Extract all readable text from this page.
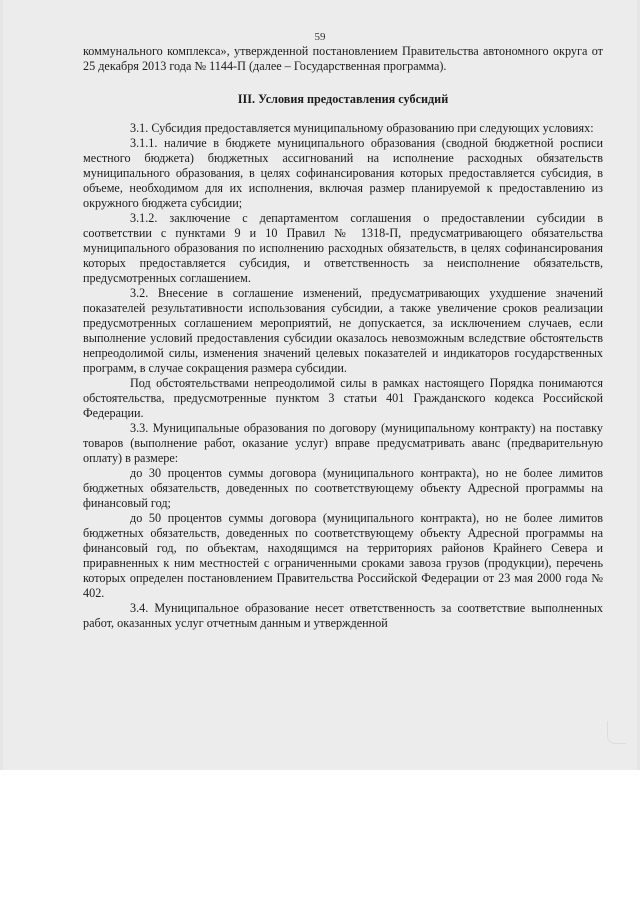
59

коммунального комплекса», утвержденной постановлением Правительства автономного округа от 25 декабря 2013 года № 1144-П (далее – Государственная программа).

III. Условия предоставления субсидий

3.1. Субсидия предоставляется муниципальному образованию при следующих условиях:

3.1.1. наличие в бюджете муниципального образования (сводной бюджетной росписи местного бюджета) бюджетных ассигнований на исполнение расходных обязательств муниципального образования, в целях софинансирования которых предоставляется субсидия, в объеме, необходимом для их исполнения, включая размер планируемой к предоставлению из окружного бюджета субсидии;

3.1.2. заключение с департаментом соглашения о предоставлении субсидии в соответствии с пунктами 9 и 10 Правил № 1318-П, предусматривающего обязательства муниципального образования по исполнению расходных обязательств, в целях софинансирования которых предоставляется субсидия, и ответственность за неисполнение обязательств, предусмотренных соглашением.

3.2. Внесение в соглашение изменений, предусматривающих ухудшение значений показателей результативности использования субсидии, а также увеличение сроков реализации предусмотренных соглашением мероприятий, не допускается, за исключением случаев, если выполнение условий предоставления субсидии оказалось невозможным вследствие обстоятельств непреодолимой силы, изменения значений целевых показателей и индикаторов государственных программ, в случае сокращения размера субсидии.

Под обстоятельствами непреодолимой силы в рамках настоящего Порядка понимаются обстоятельства, предусмотренные пунктом 3 статьи 401 Гражданского кодекса Российской Федерации.

3.3. Муниципальные образования по договору (муниципальному контракту) на поставку товаров (выполнение работ, оказание услуг) вправе предусматривать аванс (предварительную оплату) в размере:

до 30 процентов суммы договора (муниципального контракта), но не более лимитов бюджетных обязательств, доведенных по соответствующему объекту Адресной программы на финансовый год;

до 50 процентов суммы договора (муниципального контракта), но не более лимитов бюджетных обязательств, доведенных по соответствующему объекту Адресной программы на финансовый год, по объектам, находящимся на территориях районов Крайнего Севера и приравненных к ним местностей с ограниченными сроками завоза грузов (продукции), перечень которых определен постановлением Правительства Российской Федерации от 23 мая 2000 года № 402.

3.4. Муниципальное образование несет ответственность за соответствие выполненных работ, оказанных услуг отчетным данным и утвержденной
